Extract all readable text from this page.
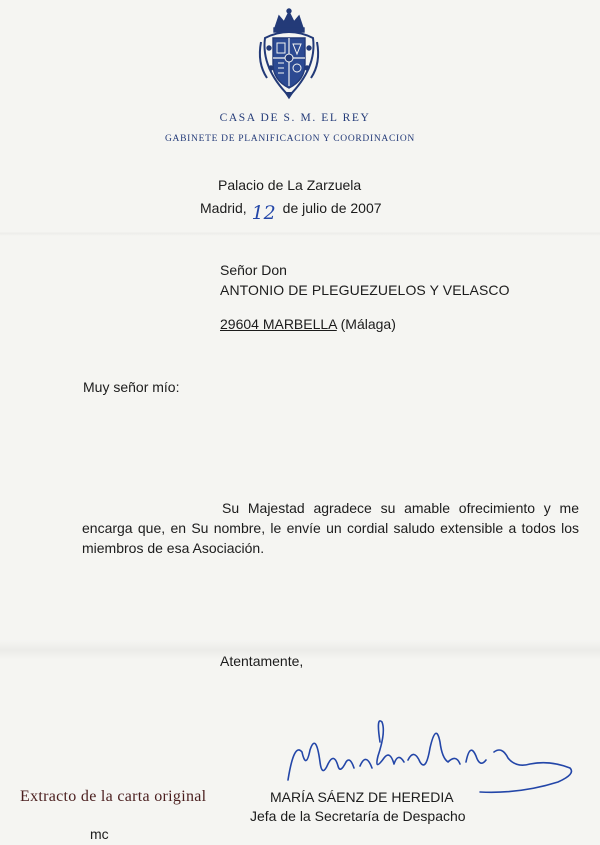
CASA DE S. M. EL REY
GABINETE DE PLANIFICACION Y COORDINACION
Palacio de La Zarzuela
Madrid, 12 de julio de 2007
Señor Don
ANTONIO DE PLEGUEZUELOS Y VELASCO
29604 MARBELLA (Málaga)
Muy señor mío:
Su Majestad agradece su amable ofrecimiento y me encarga que, en Su nombre, le envíe un cordial saludo extensible a todos los miembros de esa Asociación.
Atentamente,
Extracto de la carta original	MARÍA SÁENZ DE HEREDIA
Jefa de la Secretaría de Despacho
mc
